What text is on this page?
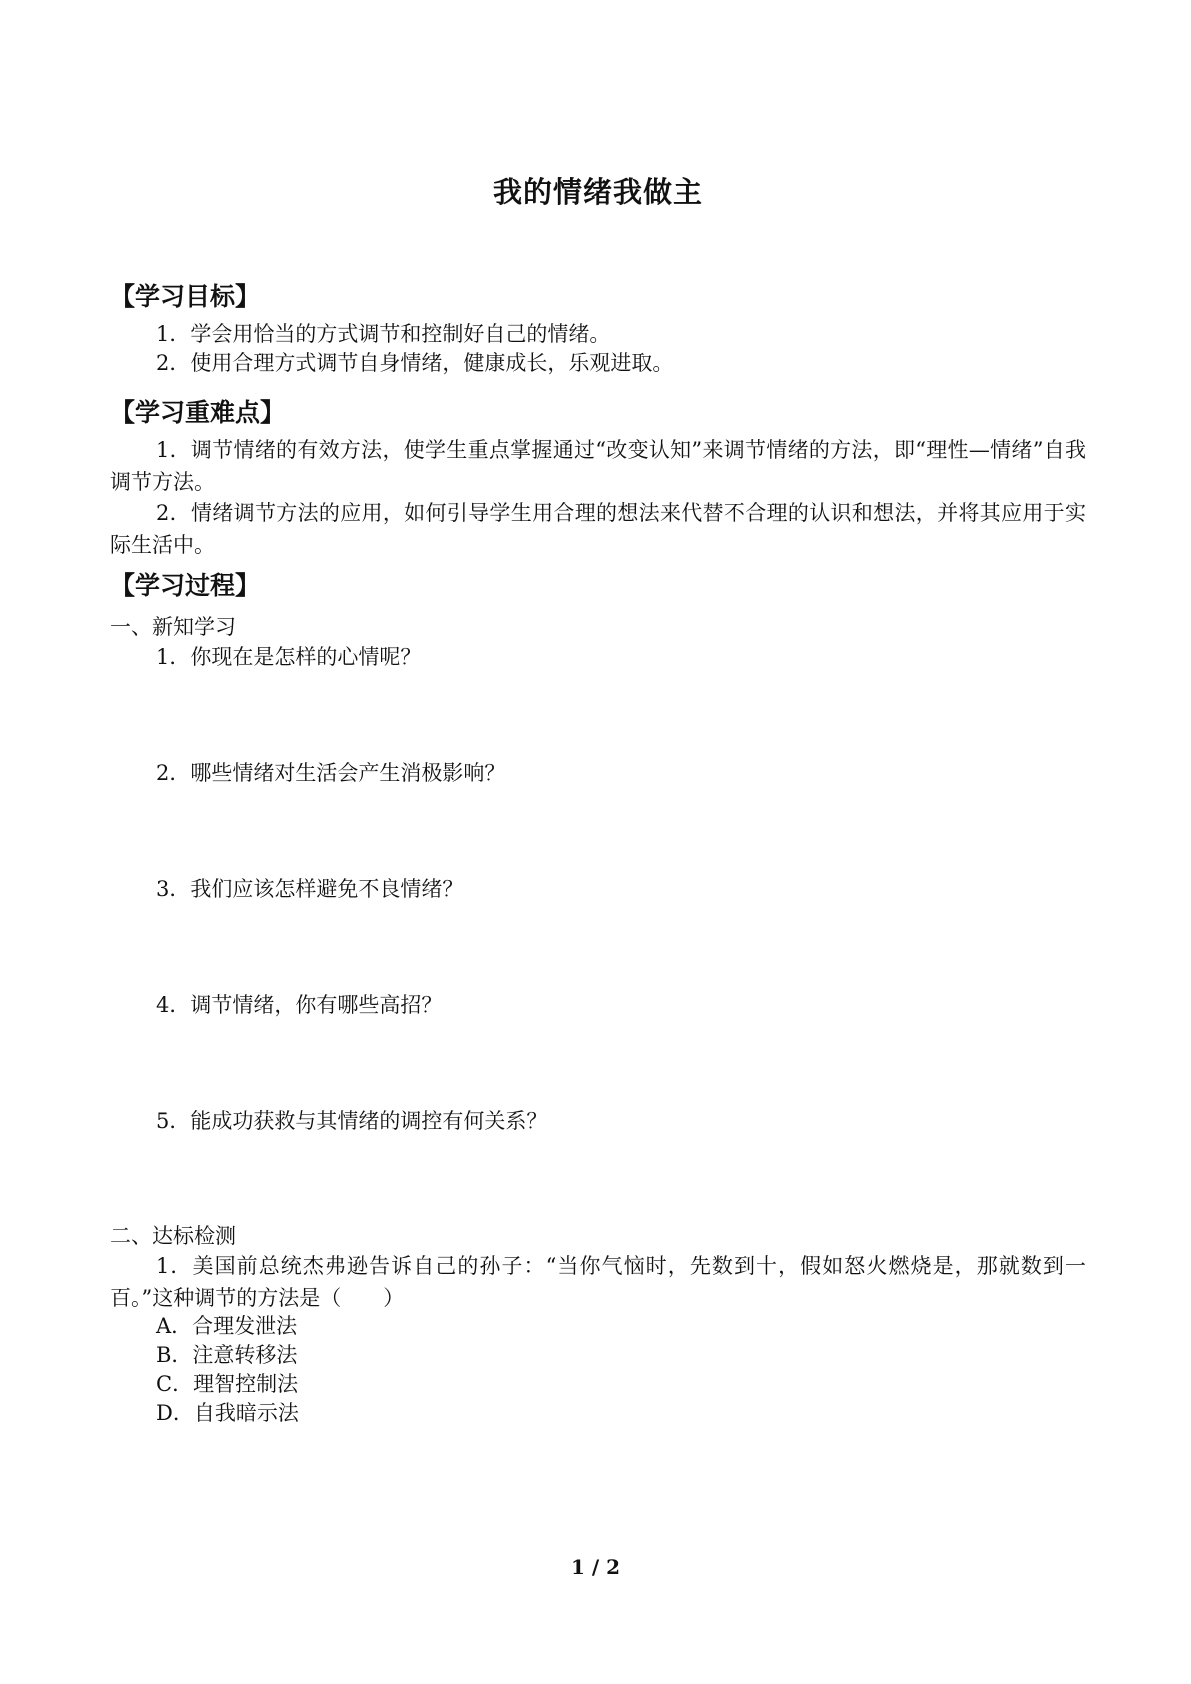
我的情绪我做主
【学习目标】

1．学会用恰当的方式调节和控制好自己的情绪。

2．使用合理方式调节自身情绪，健康成长，乐观进取。

【学习重难点】

1．调节情绪的有效方法，使学生重点掌握通过“改变认知”来调节情绪的方法，即“理性—情绪”自我调节方法。

2．情绪调节方法的应用，如何引导学生用合理的想法来代替不合理的认识和想法，并将其应用于实际生活中。

【学习过程】

一、新知学习

1．你现在是怎样的心情呢？

2．哪些情绪对生活会产生消极影响？

3．我们应该怎样避免不良情绪？

4．调节情绪，你有哪些高招？

5．能成功获救与其情绪的调控有何关系？

二、达标检测

1．美国前总统杰弗逊告诉自己的孙子：“当你气恼时，先数到十，假如怒火燃烧是，那就数到一百。”这种调节的方法是（　　）

A．合理发泄法

B．注意转移法

C．理智控制法

D．自我暗示法

1 / 2
